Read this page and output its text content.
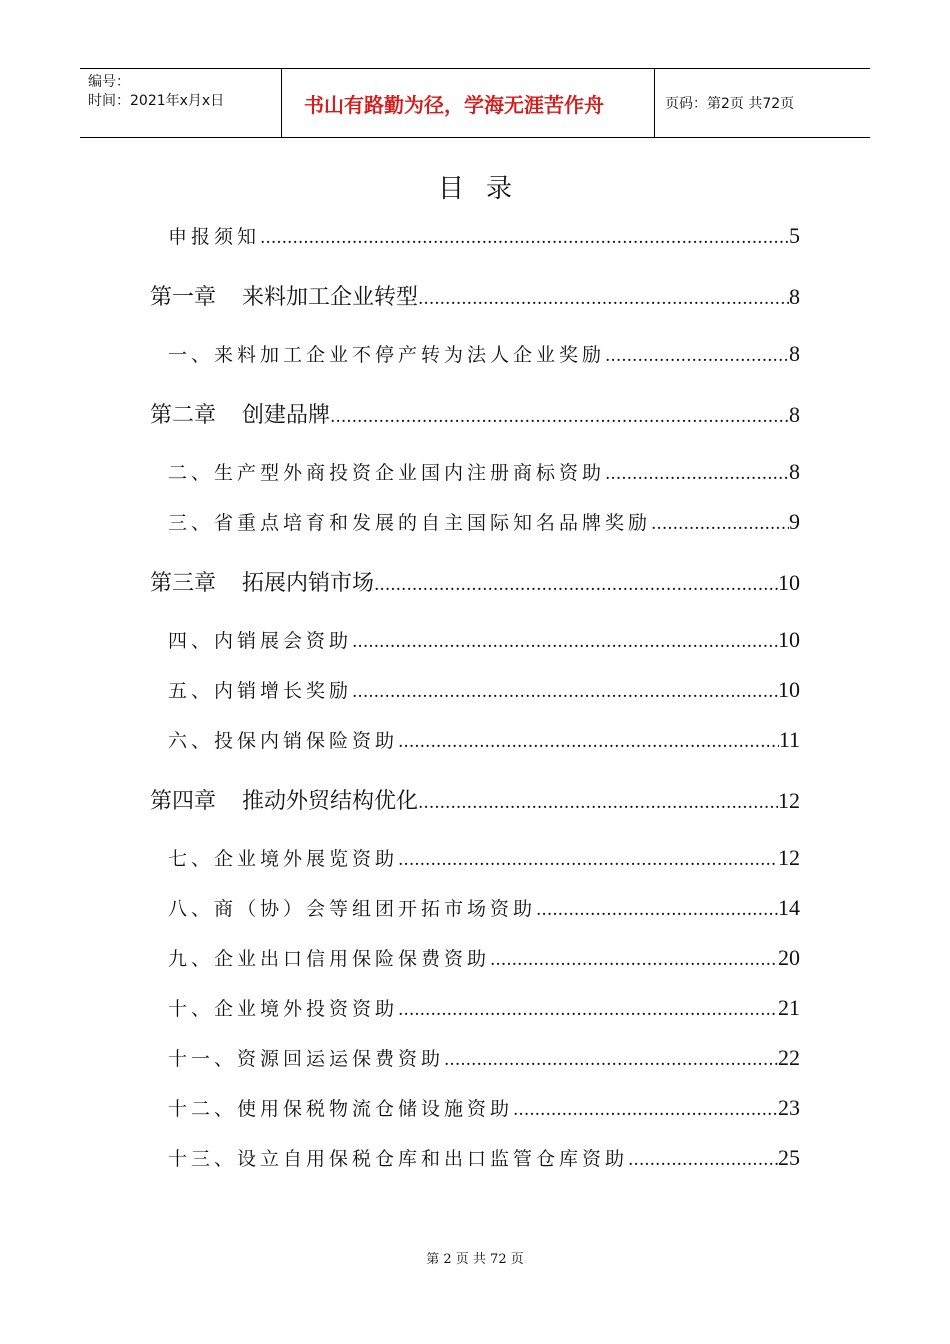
编号：
时间：2021年x月x日	书山有路勤为径，学海无涯苦作舟	页码：第2页 共72页
目录
申报须知 .....	5
第一章 来料加工企业转型 .....	8
一、来料加工企业不停产转为法人企业奖励 .....	8
第二章 创建品牌 .....	8
二、生产型外商投资企业国内注册商标资助 .....	8
三、省重点培育和发展的自主国际知名品牌奖励 .....	9
第三章 拓展内销市场 .....	10
四、内销展会资助 .....	10
五、内销增长奖励 .....	10
六、投保内销保险资助 .....	11
第四章 推动外贸结构优化 .....	12
七、企业境外展览资助 .....	12
八、商（协）会等组团开拓市场资助 .....	14
九、企业出口信用保险保费资助 .....	20
十、企业境外投资资助 .....	21
十一、资源回运运保费资助 .....	22
十二、使用保税物流仓储设施资助 .....	23
十三、设立自用保税仓库和出口监管仓库资助 .....	25
第 2 页 共 72 页
